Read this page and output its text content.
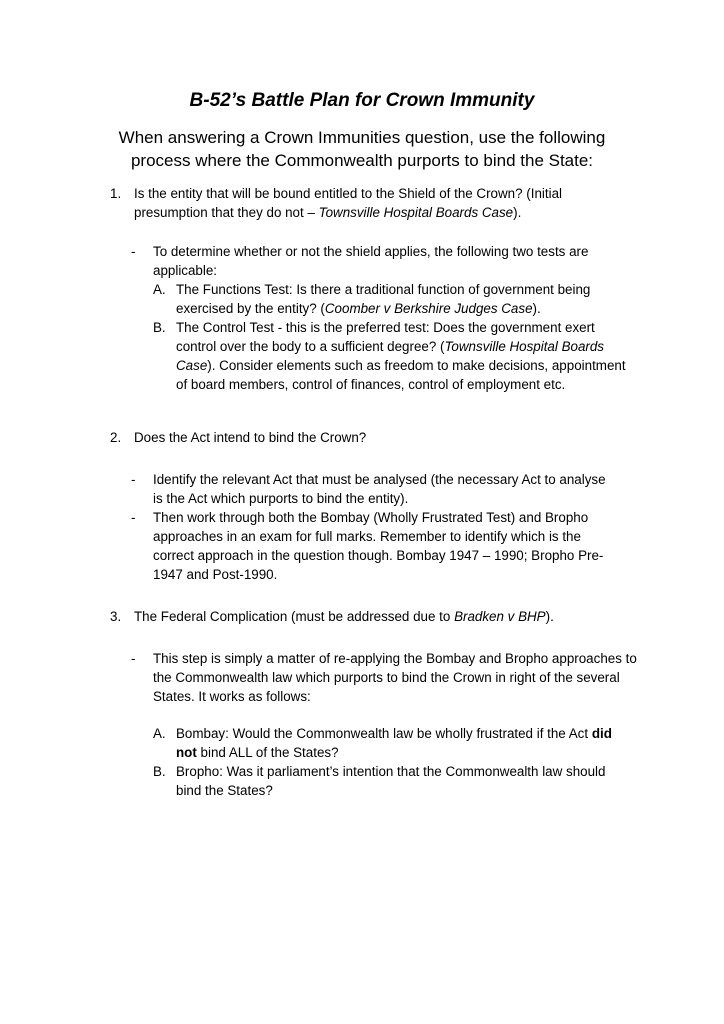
B-52’s Battle Plan for Crown Immunity
When answering a Crown Immunities question, use the following process where the Commonwealth purports to bind the State:
1. Is the entity that will be bound entitled to the Shield of the Crown? (Initial presumption that they do not – Townsville Hospital Boards Case).
- To determine whether or not the shield applies, the following two tests are applicable:
A. The Functions Test: Is there a traditional function of government being exercised by the entity? (Coomber v Berkshire Judges Case).
B. The Control Test - this is the preferred test: Does the government exert control over the body to a sufficient degree? (Townsville Hospital Boards Case). Consider elements such as freedom to make decisions, appointment of board members, control of finances, control of employment etc.
2. Does the Act intend to bind the Crown?
- Identify the relevant Act that must be analysed (the necessary Act to analyse is the Act which purports to bind the entity).
- Then work through both the Bombay (Wholly Frustrated Test) and Bropho approaches in an exam for full marks. Remember to identify which is the correct approach in the question though. Bombay 1947 – 1990; Bropho Pre-1947 and Post-1990.
3. The Federal Complication (must be addressed due to Bradken v BHP).
- This step is simply a matter of re-applying the Bombay and Bropho approaches to the Commonwealth law which purports to bind the Crown in right of the several States. It works as follows:
A. Bombay: Would the Commonwealth law be wholly frustrated if the Act did not bind ALL of the States?
B. Bropho: Was it parliament’s intention that the Commonwealth law should bind the States?
